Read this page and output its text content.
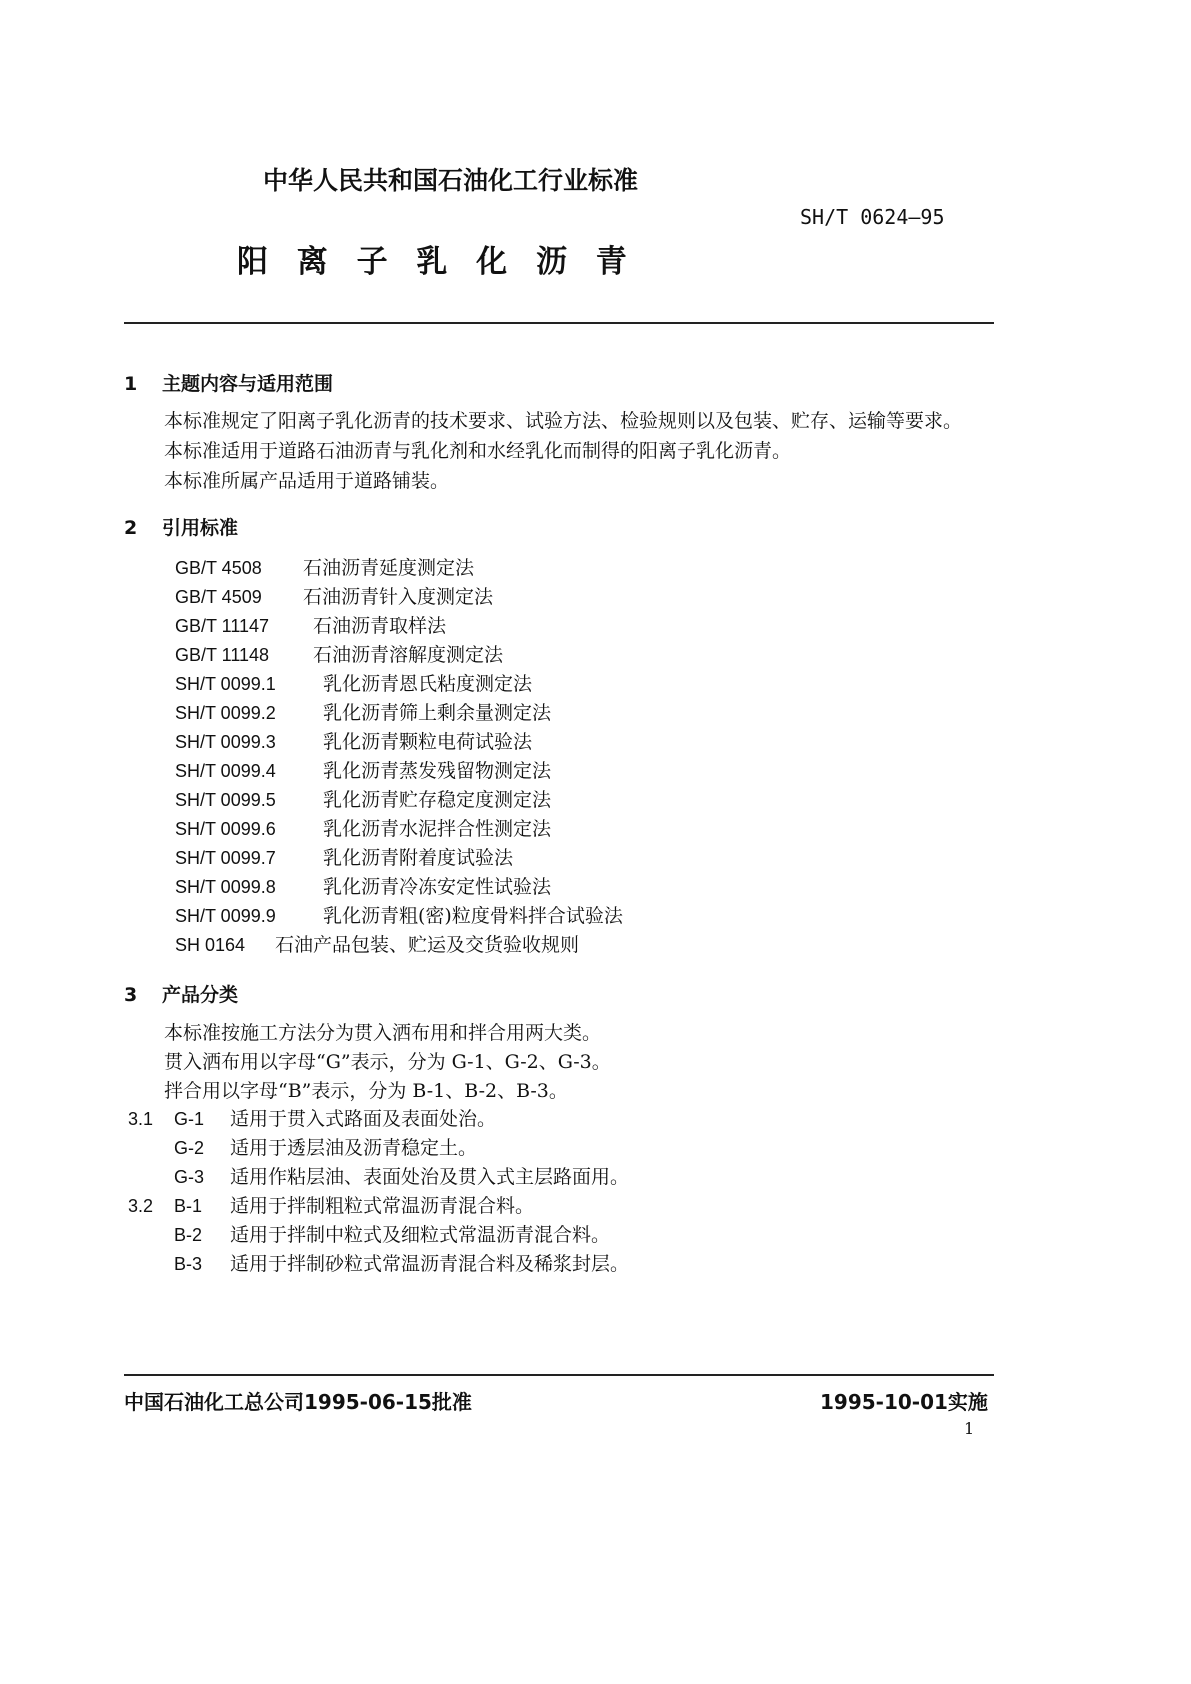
中华人民共和国石油化工行业标准
SH/T 0624—95
阳 离 子 乳 化 沥 青
1 主题内容与适用范围
本标准规定了阳离子乳化沥青的技术要求、试验方法、检验规则以及包装、贮存、运输等要求。
本标准适用于道路石油沥青与乳化剂和水经乳化而制得的阳离子乳化沥青。
本标准所属产品适用于道路铺装。
2 引用标准
GB/T 4508 石油沥青延度测定法
GB/T 4509 石油沥青针入度测定法
GB/T 11147 石油沥青取样法
GB/T 11148 石油沥青溶解度测定法
SH/T 0099.1 乳化沥青恩氏粘度测定法
SH/T 0099.2 乳化沥青筛上剩余量测定法
SH/T 0099.3 乳化沥青颗粒电荷试验法
SH/T 0099.4 乳化沥青蒸发残留物测定法
SH/T 0099.5 乳化沥青贮存稳定度测定法
SH/T 0099.6 乳化沥青水泥拌合性测定法
SH/T 0099.7 乳化沥青附着度试验法
SH/T 0099.8 乳化沥青冷冻安定性试验法
SH/T 0099.9 乳化沥青粗(密)粒度骨料拌合试验法
SH 0164 石油产品包装、贮运及交货验收规则
3 产品分类
本标准按施工方法分为贯入洒布用和拌合用两大类。
贯入洒布用以字母“G”表示，分为 G-1、G-2、G-3。
拌合用以字母“B”表示，分为 B-1、B-2、B-3。
3.1 G-1 适用于贯入式路面及表面处治。
G-2 适用于透层油及沥青稳定土。
G-3 适用作粘层油、表面处治及贯入式主层路面用。
3.2 B-1 适用于拌制粗粒式常温沥青混合料。
B-2 适用于拌制中粒式及细粒式常温沥青混合料。
B-3 适用于拌制砂粒式常温沥青混合料及稀浆封层。
中国石油化工总公司1995-06-15批准	1995-10-01实施
1
